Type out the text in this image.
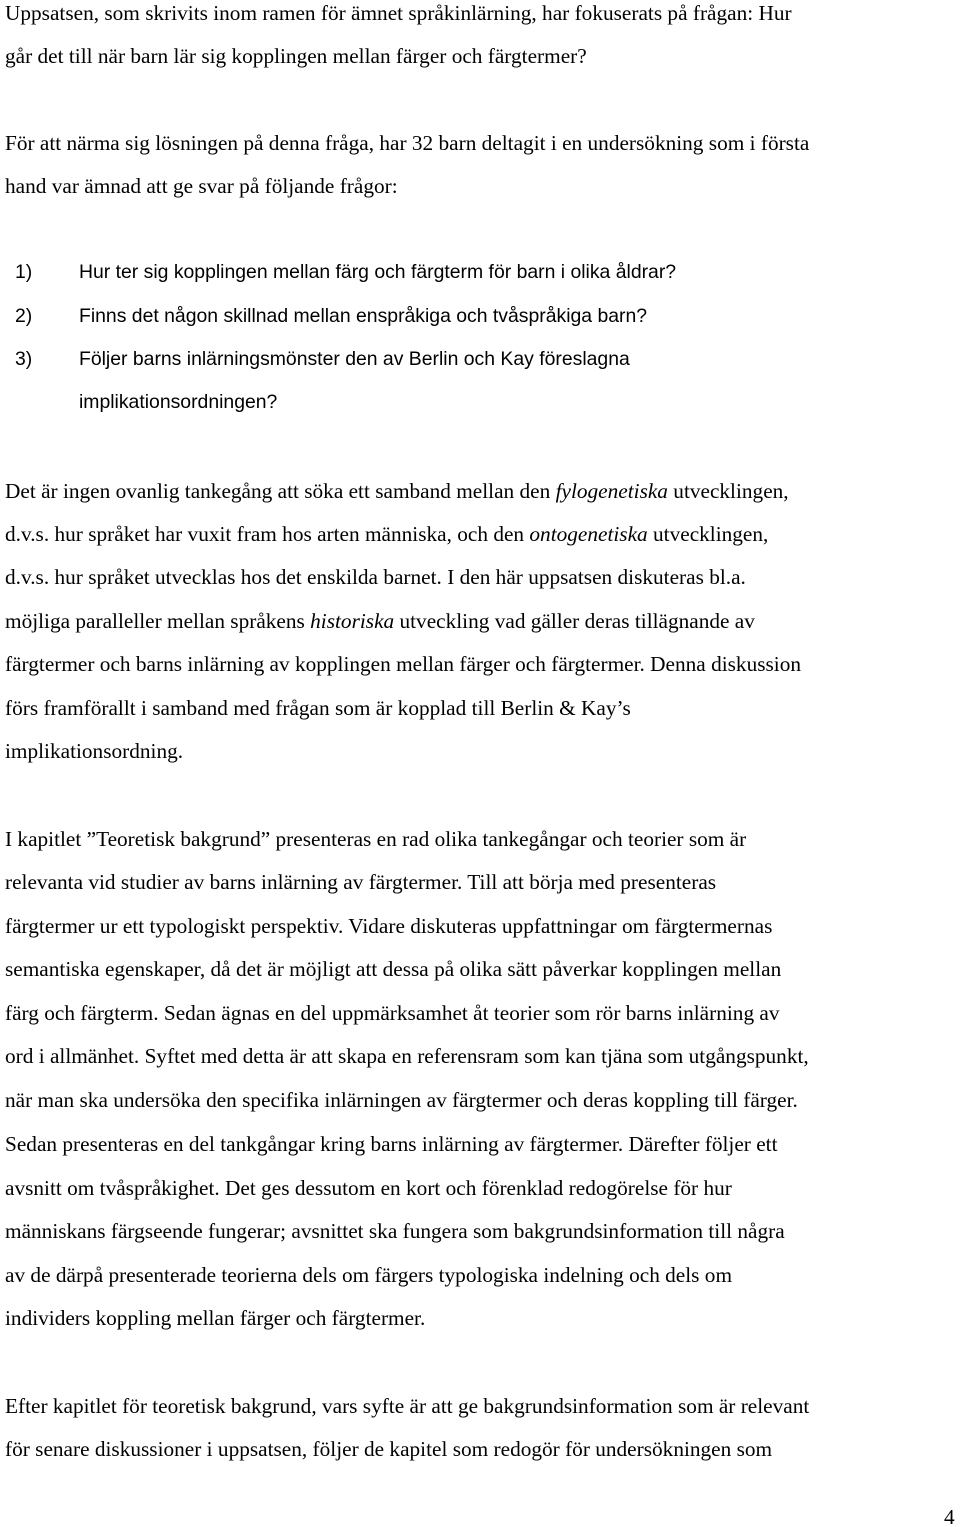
Uppsatsen, som skrivits inom ramen för ämnet språkinlärning, har fokuserats på frågan: Hur
går det till när barn lär sig kopplingen mellan färger och färgtermer?
För att närma sig lösningen på denna fråga, har 32 barn deltagit i en undersökning som i första
hand var ämnad att ge svar på följande frågor:
1) Hur ter sig kopplingen mellan färg och färgterm för barn i olika åldrar?
2) Finns det någon skillnad mellan enspråkiga och tvåspråkiga barn?
3) Följer barns inlärningsmönster den av Berlin och Kay föreslagna
implikationsordningen?
Det är ingen ovanlig tankegång att söka ett samband mellan den fylogenetiska utvecklingen,
d.v.s. hur språket har vuxit fram hos arten människa, och den ontogenetiska utvecklingen,
d.v.s. hur språket utvecklas hos det enskilda barnet. I den här uppsatsen diskuteras bl.a.
möjliga paralleller mellan språkens historiska utveckling vad gäller deras tillägnande av
färgtermer och barns inlärning av kopplingen mellan färger och färgtermer. Denna diskussion
förs framförallt i samband med frågan som är kopplad till Berlin & Kay’s
implikationsordning.
I kapitlet ”Teoretisk bakgrund” presenteras en rad olika tankegångar och teorier som är
relevanta vid studier av barns inlärning av färgtermer. Till att börja med presenteras
färgtermer ur ett typologiskt perspektiv. Vidare diskuteras uppfattningar om färgtermernas
semantiska egenskaper, då det är möjligt att dessa på olika sätt påverkar kopplingen mellan
färg och färgterm. Sedan ägnas en del uppmärksamhet åt teorier som rör barns inlärning av
ord i allmänhet. Syftet med detta är att skapa en referensram som kan tjäna som utgångspunkt,
när man ska undersöka den specifika inlärningen av färgtermer och deras koppling till färger.
Sedan presenteras en del tankgångar kring barns inlärning av färgtermer. Därefter följer ett
avsnitt om tvåspråkighet. Det ges dessutom en kort och förenklad redogörelse för hur
människans färgseende fungerar; avsnittet ska fungera som bakgrundsinformation till några
av de därpå presenterade teorierna dels om färgers typologiska indelning och dels om
individers koppling mellan färger och färgtermer.
Efter kapitlet för teoretisk bakgrund, vars syfte är att ge bakgrundsinformation som är relevant
för senare diskussioner i uppsatsen, följer de kapitel som redogör för undersökningen som
4
